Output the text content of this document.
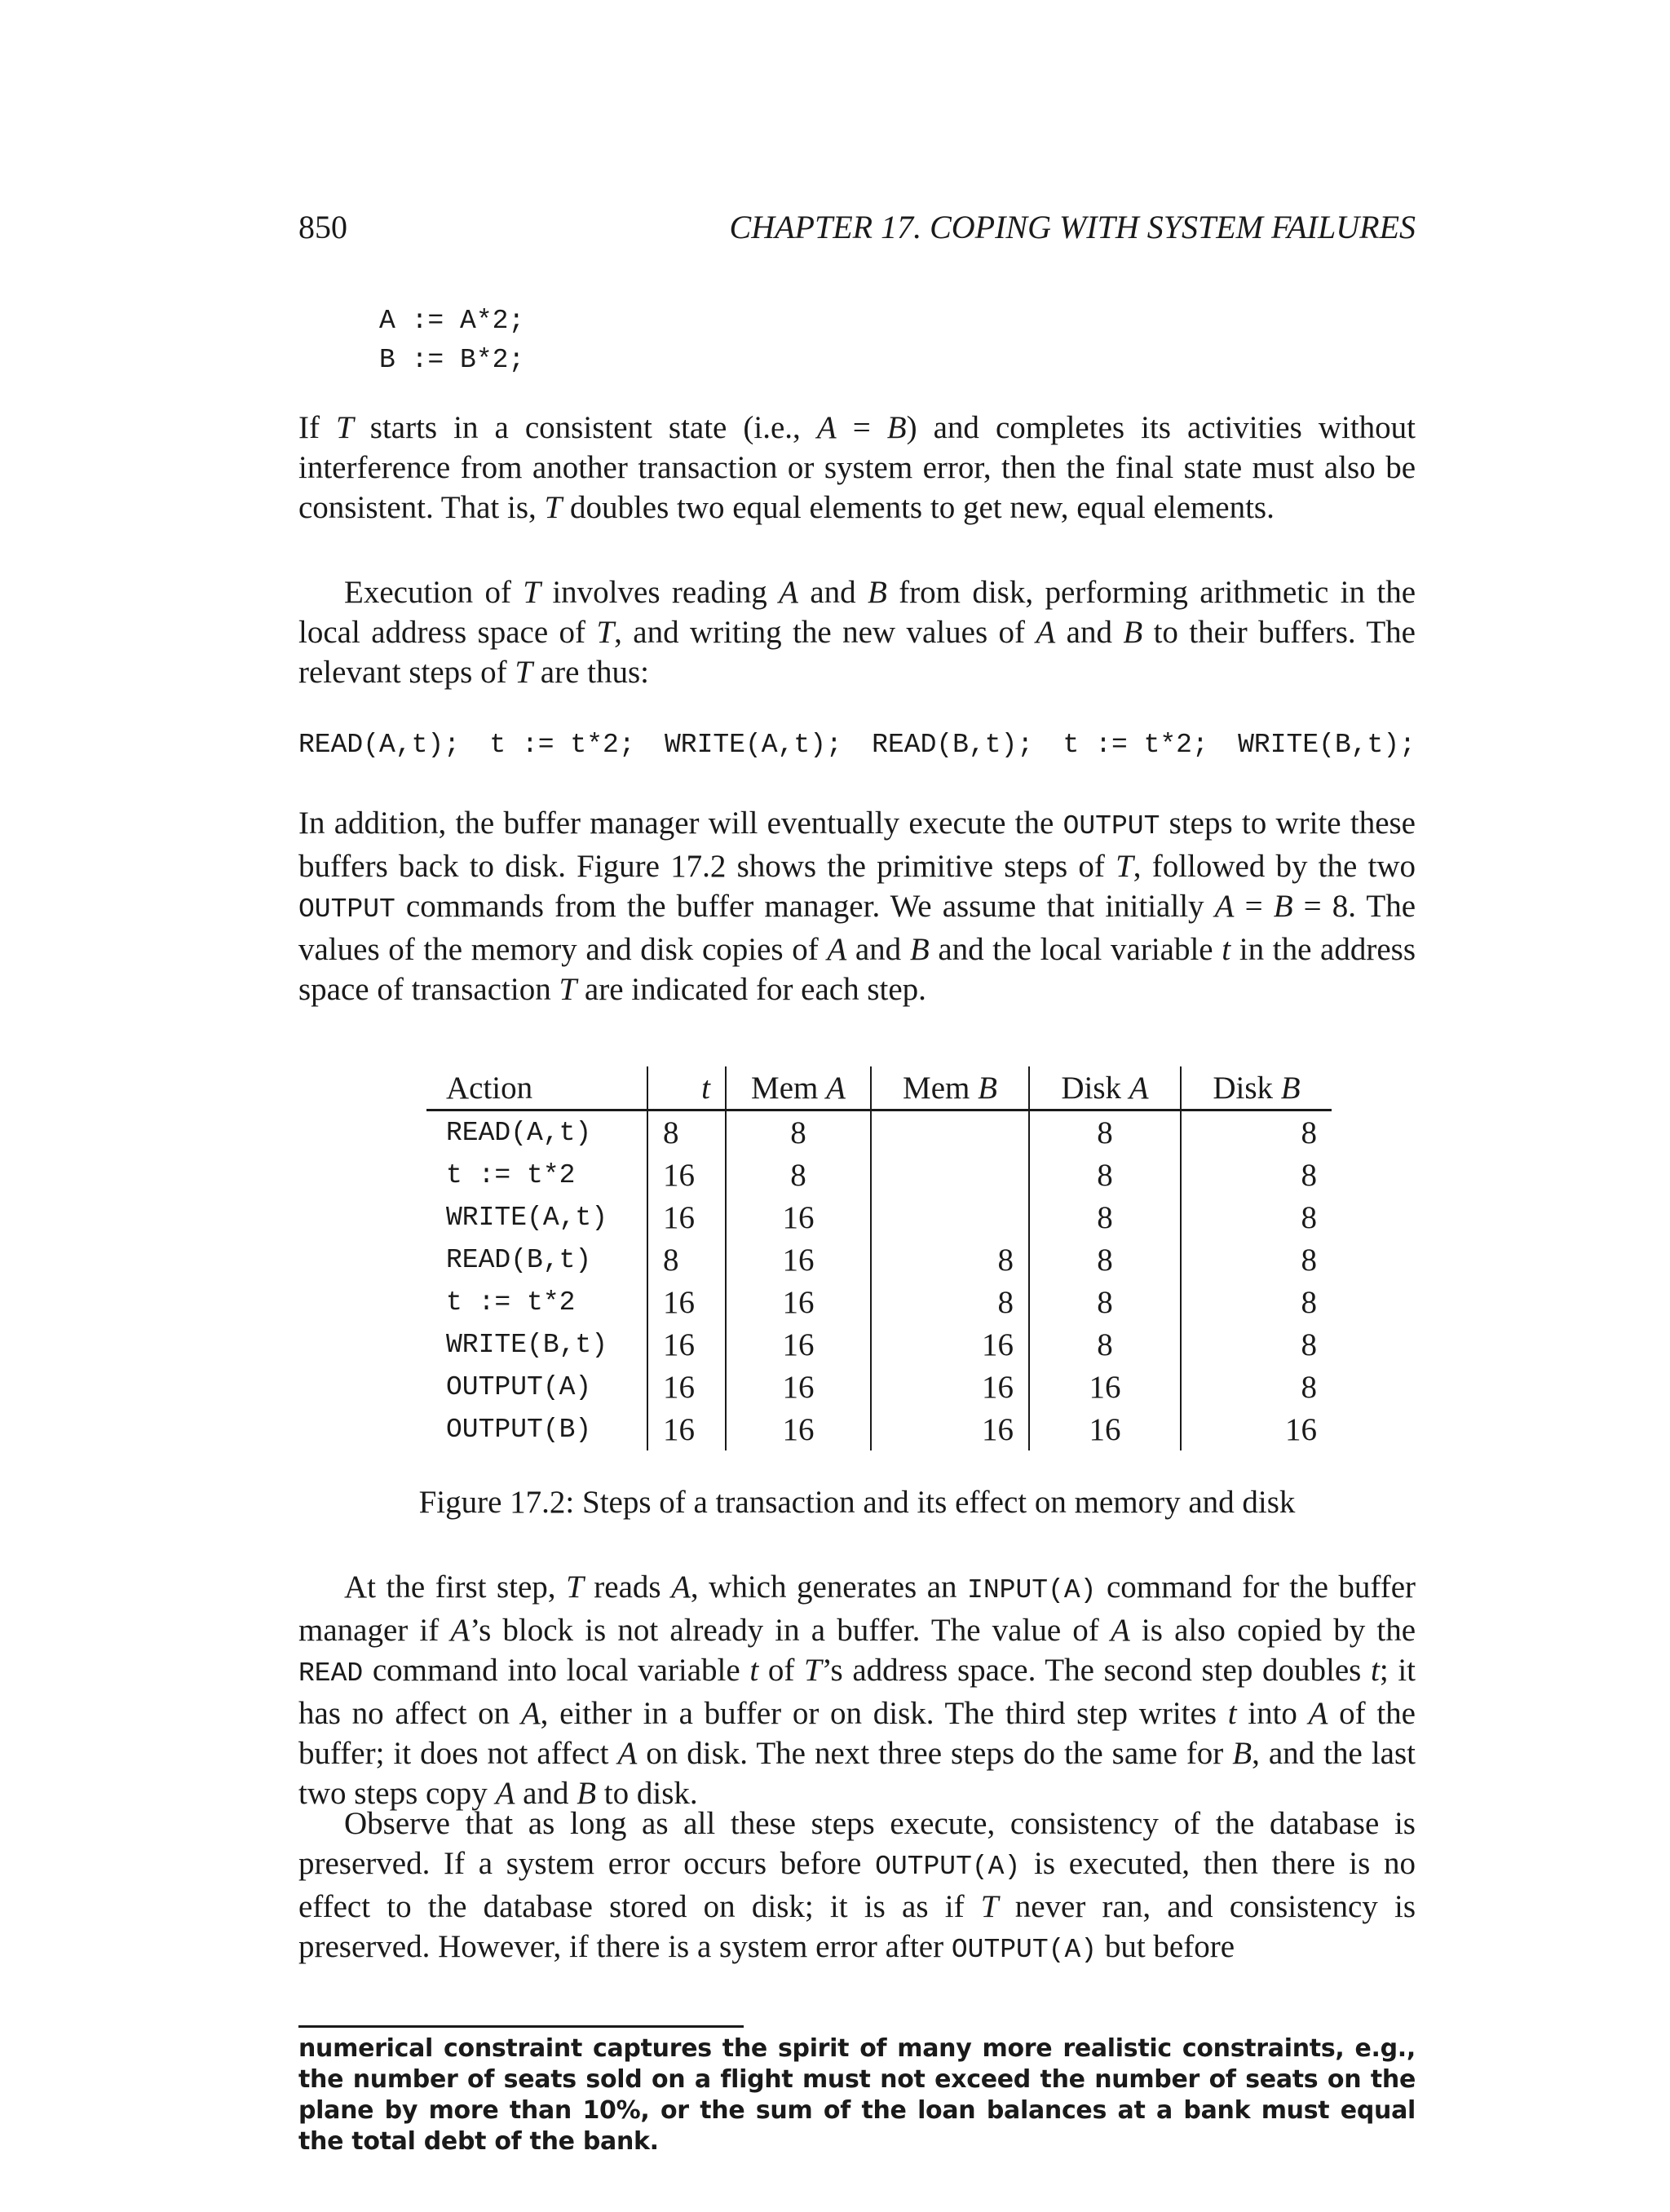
850	CHAPTER 17. COPING WITH SYSTEM FAILURES
A := A*2;
B := B*2;

If T starts in a consistent state (i.e., A = B) and completes its activities without interference from another transaction or system error, then the final state must also be consistent. That is, T doubles two equal elements to get new, equal elements.

Execution of T involves reading A and B from disk, performing arithmetic in the local address space of T, and writing the new values of A and B to their buffers. The relevant steps of T are thus:

READ(A,t); t := t*2; WRITE(A,t); READ(B,t); t := t*2; WRITE(B,t);

In addition, the buffer manager will eventually execute the OUTPUT steps to write these buffers back to disk. Figure 17.2 shows the primitive steps of T, followed by the two OUTPUT commands from the buffer manager. We assume that initially A = B = 8. The values of the memory and disk copies of A and B and the local variable t in the address space of transaction T are indicated for each step.

Action	t	Mem A	Mem B	Disk A	Disk B
READ(A,t)	8	8		8	8
t := t*2	16	8		8	8
WRITE(A,t)	16	16		8	8
READ(B,t)	8	16	8	8	8
t := t*2	16	16	8	8	8
WRITE(B,t)	16	16	16	8	8
OUTPUT(A)	16	16	16	16	8
OUTPUT(B)	16	16	16	16	16
Figure 17.2: Steps of a transaction and its effect on memory and disk

At the first step, T reads A, which generates an INPUT(A) command for the buffer manager if A’s block is not already in a buffer. The value of A is also copied by the READ command into local variable t of T’s address space. The second step doubles t; it has no affect on A, either in a buffer or on disk. The third step writes t into A of the buffer; it does not affect A on disk. The next three steps do the same for B, and the last two steps copy A and B to disk.

Observe that as long as all these steps execute, consistency of the database is preserved. If a system error occurs before OUTPUT(A) is executed, then there is no effect to the database stored on disk; it is as if T never ran, and consistency is preserved. However, if there is a system error after OUTPUT(A) but before

numerical constraint captures the spirit of many more realistic constraints, e.g., the number of seats sold on a flight must not exceed the number of seats on the plane by more than 10%, or the sum of the loan balances at a bank must equal the total debt of the bank.
